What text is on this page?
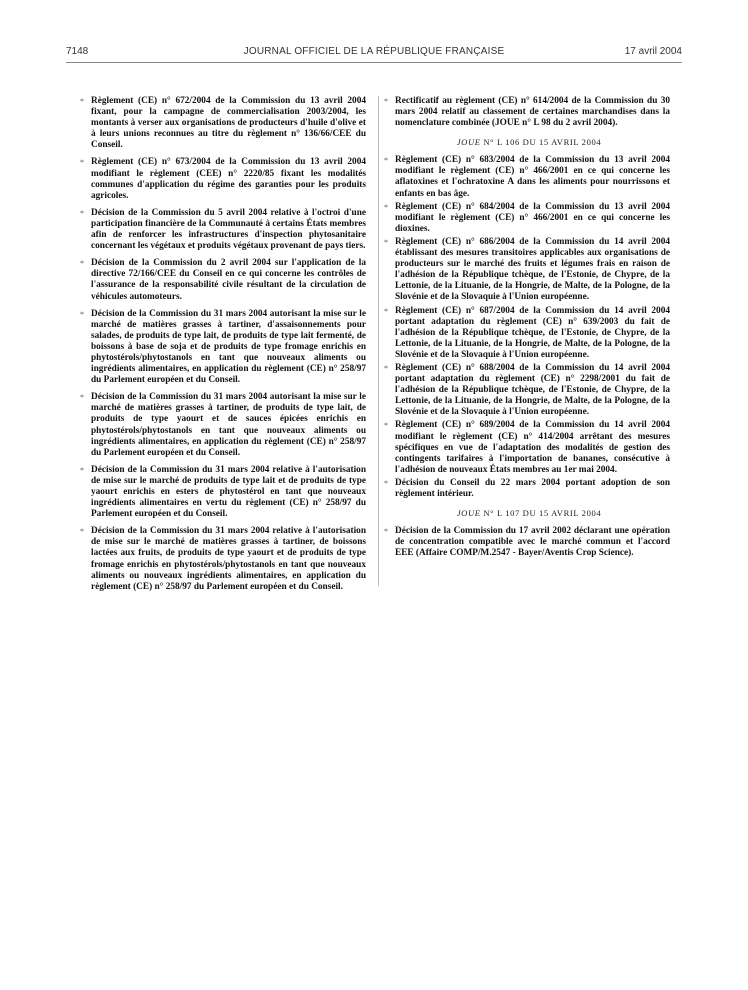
7148	JOURNAL OFFICIEL DE LA RÉPUBLIQUE FRANÇAISE	17 avril 2004
* Règlement (CE) n° 672/2004 de la Commission du 13 avril 2004 fixant, pour la campagne de commercialisation 2003/2004, les montants à verser aux organisations de producteurs d'huile d'olive et à leurs unions reconnues au titre du règlement n° 136/66/CEE du Conseil.
* Règlement (CE) n° 673/2004 de la Commission du 13 avril 2004 modifiant le règlement (CEE) n° 2220/85 fixant les modalités communes d'application du régime des garanties pour les produits agricoles.
* Décision de la Commission du 5 avril 2004 relative à l'octroi d'une participation financière de la Communauté à certains États membres afin de renforcer les infrastructures d'inspection phytosanitaire concernant les végétaux et produits végétaux provenant de pays tiers.
* Décision de la Commission du 2 avril 2004 sur l'application de la directive 72/166/CEE du Conseil en ce qui concerne les contrôles de l'assurance de la responsabilité civile résultant de la circulation de véhicules automoteurs.
* Décision de la Commission du 31 mars 2004 autorisant la mise sur le marché de matières grasses à tartiner, d'assaisonnements pour salades, de produits de type lait, de produits de type lait fermenté, de boissons à base de soja et de produits de type fromage enrichis en phytostérols/phytostanols en tant que nouveaux aliments ou ingrédients alimentaires, en application du règlement (CE) n° 258/97 du Parlement européen et du Conseil.
* Décision de la Commission du 31 mars 2004 autorisant la mise sur le marché de matières grasses à tartiner, de produits de type lait, de produits de type yaourt et de sauces épicées enrichis en phytostérols/phytostanols en tant que nouveaux aliments ou ingrédients alimentaires, en application du règlement (CE) n° 258/97 du Parlement européen et du Conseil.
* Décision de la Commission du 31 mars 2004 relative à l'autorisation de mise sur le marché de produits de type lait et de produits de type yaourt enrichis en esters de phytostérol en tant que nouveaux ingrédients alimentaires en vertu du règlement (CE) n° 258/97 du Parlement européen et du Conseil.
* Décision de la Commission du 31 mars 2004 relative à l'autorisation de mise sur le marché de matières grasses à tartiner, de boissons lactées aux fruits, de produits de type yaourt et de produits de type fromage enrichis en phytostérols/phytostanols en tant que nouveaux aliments ou nouveaux ingrédients alimentaires, en application du règlement (CE) n° 258/97 du Parlement européen et du Conseil.
* Rectificatif au règlement (CE) n° 614/2004 de la Commission du 30 mars 2004 relatif au classement de certaines marchandises dans la nomenclature combinée (JOUE n° L 98 du 2 avril 2004).
JOUE N° L 106 DU 15 AVRIL 2004
* Règlement (CE) n° 683/2004 de la Commission du 13 avril 2004 modifiant le règlement (CE) n° 466/2001 en ce qui concerne les aflatoxines et l'ochratoxine A dans les aliments pour nourrissons et enfants en bas âge.
* Règlement (CE) n° 684/2004 de la Commission du 13 avril 2004 modifiant le règlement (CE) n° 466/2001 en ce qui concerne les dioxines.
* Règlement (CE) n° 686/2004 de la Commission du 14 avril 2004 établissant des mesures transitoires applicables aux organisations de producteurs sur le marché des fruits et légumes frais en raison de l'adhésion de la République tchèque, de l'Estonie, de Chypre, de la Lettonie, de la Lituanie, de la Hongrie, de Malte, de la Pologne, de la Slovénie et de la Slovaquie à l'Union européenne.
* Règlement (CE) n° 687/2004 de la Commission du 14 avril 2004 portant adaptation du règlement (CE) n° 639/2003 du fait de l'adhésion de la République tchèque, de l'Estonie, de Chypre, de la Lettonie, de la Lituanie, de la Hongrie, de Malte, de la Pologne, de la Slovénie et de la Slovaquie à l'Union européenne.
* Règlement (CE) n° 688/2004 de la Commission du 14 avril 2004 portant adaptation du règlement (CE) n° 2298/2001 du fait de l'adhésion de la République tchèque, de l'Estonie, de Chypre, de la Lettonie, de la Lituanie, de la Hongrie, de Malte, de la Pologne, de la Slovénie et de la Slovaquie à l'Union européenne.
* Règlement (CE) n° 689/2004 de la Commission du 14 avril 2004 modifiant le règlement (CE) n° 414/2004 arrêtant des mesures spécifiques en vue de l'adaptation des modalités de gestion des contingents tarifaires à l'importation de bananes, consécutive à l'adhésion de nouveaux États membres au 1er mai 2004.
* Décision du Conseil du 22 mars 2004 portant adoption de son règlement intérieur.
JOUE N° L 107 DU 15 AVRIL 2004
* Décision de la Commission du 17 avril 2002 déclarant une opération de concentration compatible avec le marché commun et l'accord EEE (Affaire COMP/M.2547 - Bayer/Aventis Crop Science).
